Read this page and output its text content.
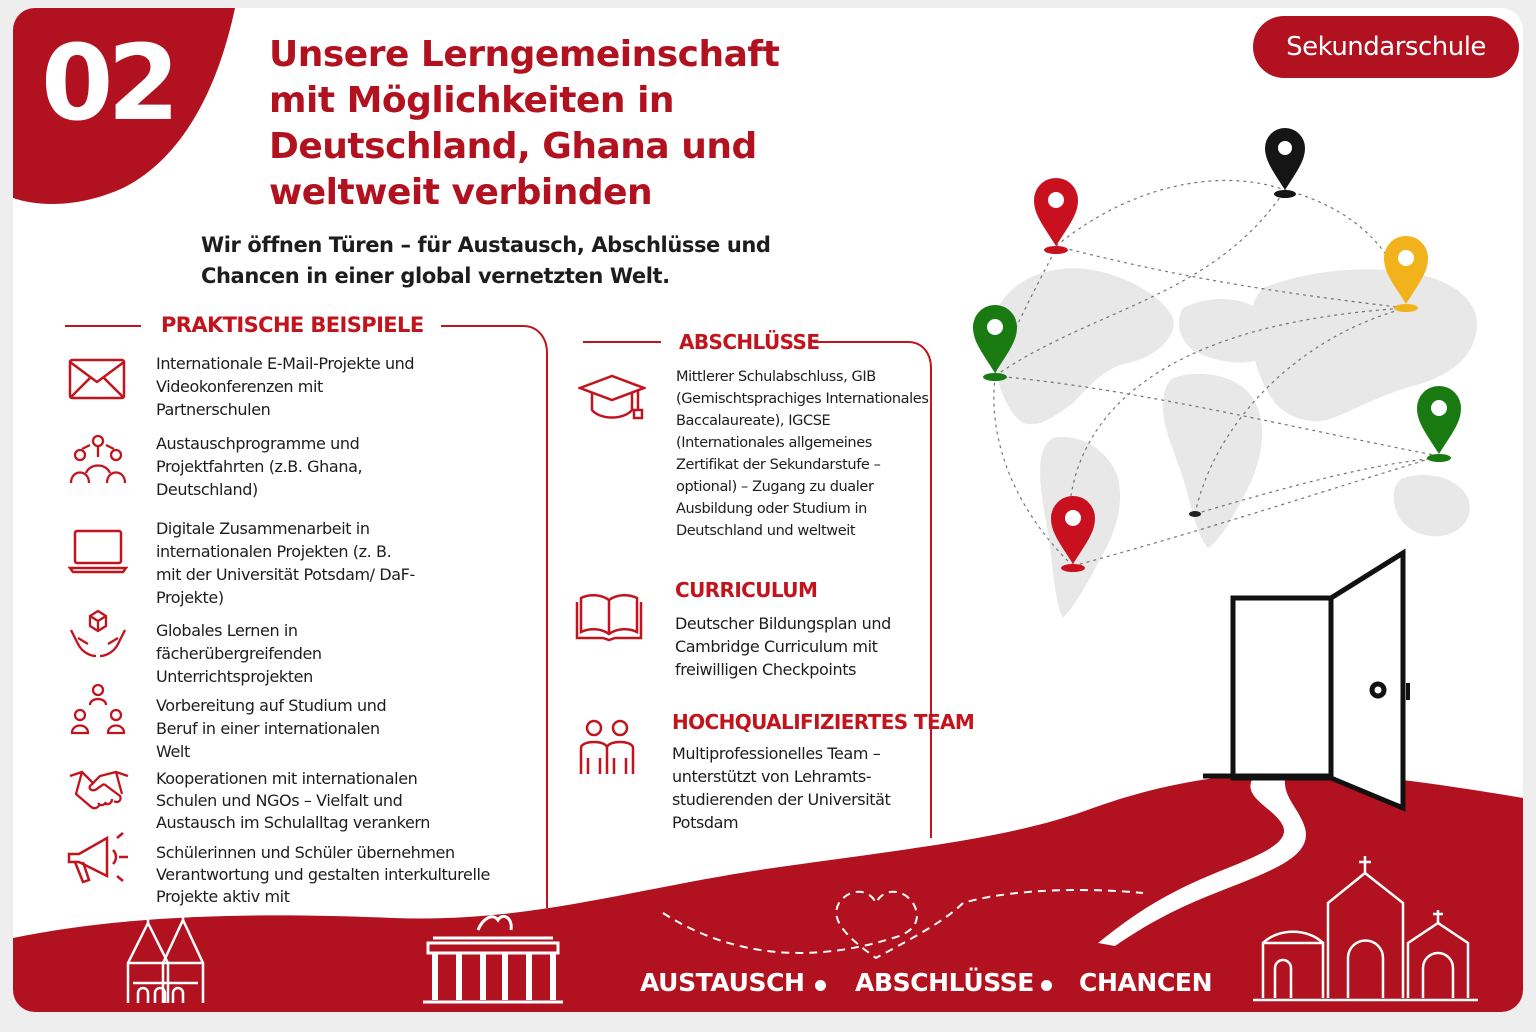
02	Unsere Lerngemeinschaft mit Möglichkeiten in Deutschland, Ghana und weltweit verbinden
Wir öffnen Türen – für Austausch, Abschlüsse und Chancen in einer global vernetzten Welt.
Sekundarschule
PRAKTISCHE BEISPIELE
Internationale E-Mail-Projekte und Videokonferenzen mit Partnerschulen
Austauschprogramme und Projektfahrten (z.B. Ghana, Deutschland)
Digitale Zusammenarbeit in internationalen Projekten (z. B. mit der Universität Potsdam/ DaF-Projekte)
Globales Lernen in fächerübergreifenden Unterrichtsprojekten
Vorbereitung auf Studium und Beruf in einer internationalen Welt
Kooperationen mit internationalen Schulen und NGOs – Vielfalt und Austausch im Schulalltag verankern
Schülerinnen und Schüler übernehmen Verantwortung und gestalten interkulturelle Projekte aktiv mit
ABSCHLÜSSE
Mittlerer Schulabschluss, GIB (Gemischtsprachiges Internationales Baccalaureate), IGCSE (Internationales allgemeines Zertifikat der Sekundarstufe – optional) – Zugang zu dualer Ausbildung oder Studium in Deutschland und weltweit
CURRICULUM
Deutscher Bildungsplan und Cambridge Curriculum mit freiwilligen Checkpoints
HOCHQUALIFIZIERTES TEAM
Multiprofessionelles Team – unterstützt von Lehramts-studierenden der Universität Potsdam
AUSTAUSCH ABSCHLÜSSE CHANCEN
